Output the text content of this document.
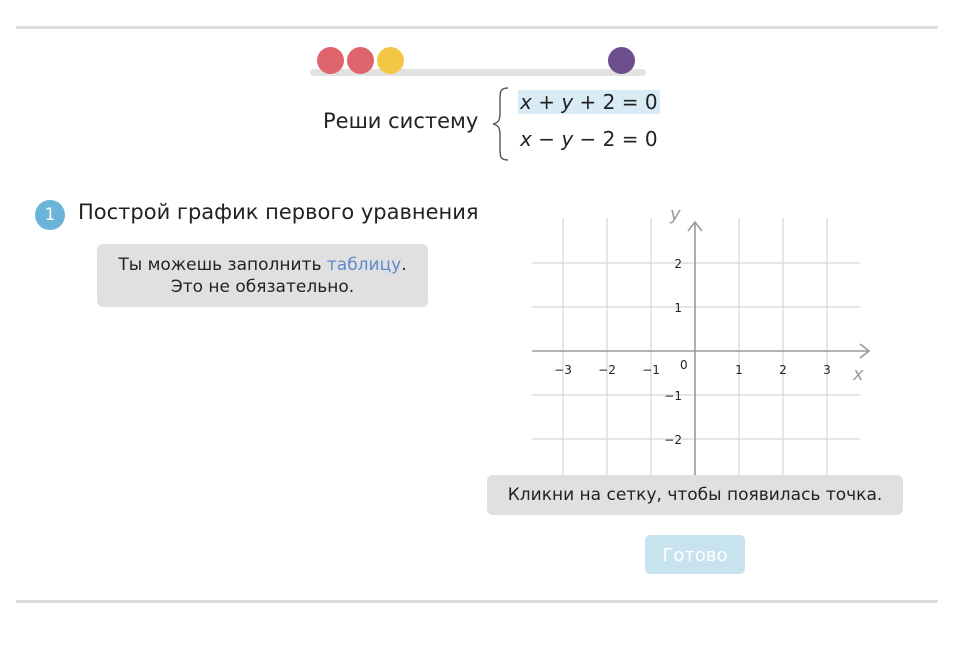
Реши систему
x + y + 2 = 0
x − y − 2 = 0
1	Построй график первого уравнения
Ты можешь заполнить таблицу.
Это не обязательно.
−3 −2 −1	1	2	3
2
1
−1
−2
x
y
0
Кликни на сетку, чтобы появилась точка.
Готово
